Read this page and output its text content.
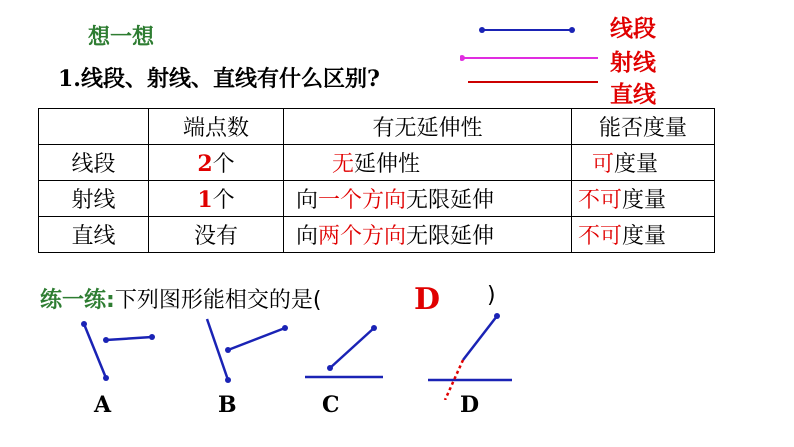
想一想
1.线段、射线、直线有什么区别?
线段
射线
直线
	端点数	有无延伸性	能否度量
线段	2个	无延伸性	可度量
射线	1个	向一个方向无限延伸	不可度量
直线	没有	向两个方向无限延伸	不可度量
练一练:下列图形能相交的是(	D )
A	B	C	D
